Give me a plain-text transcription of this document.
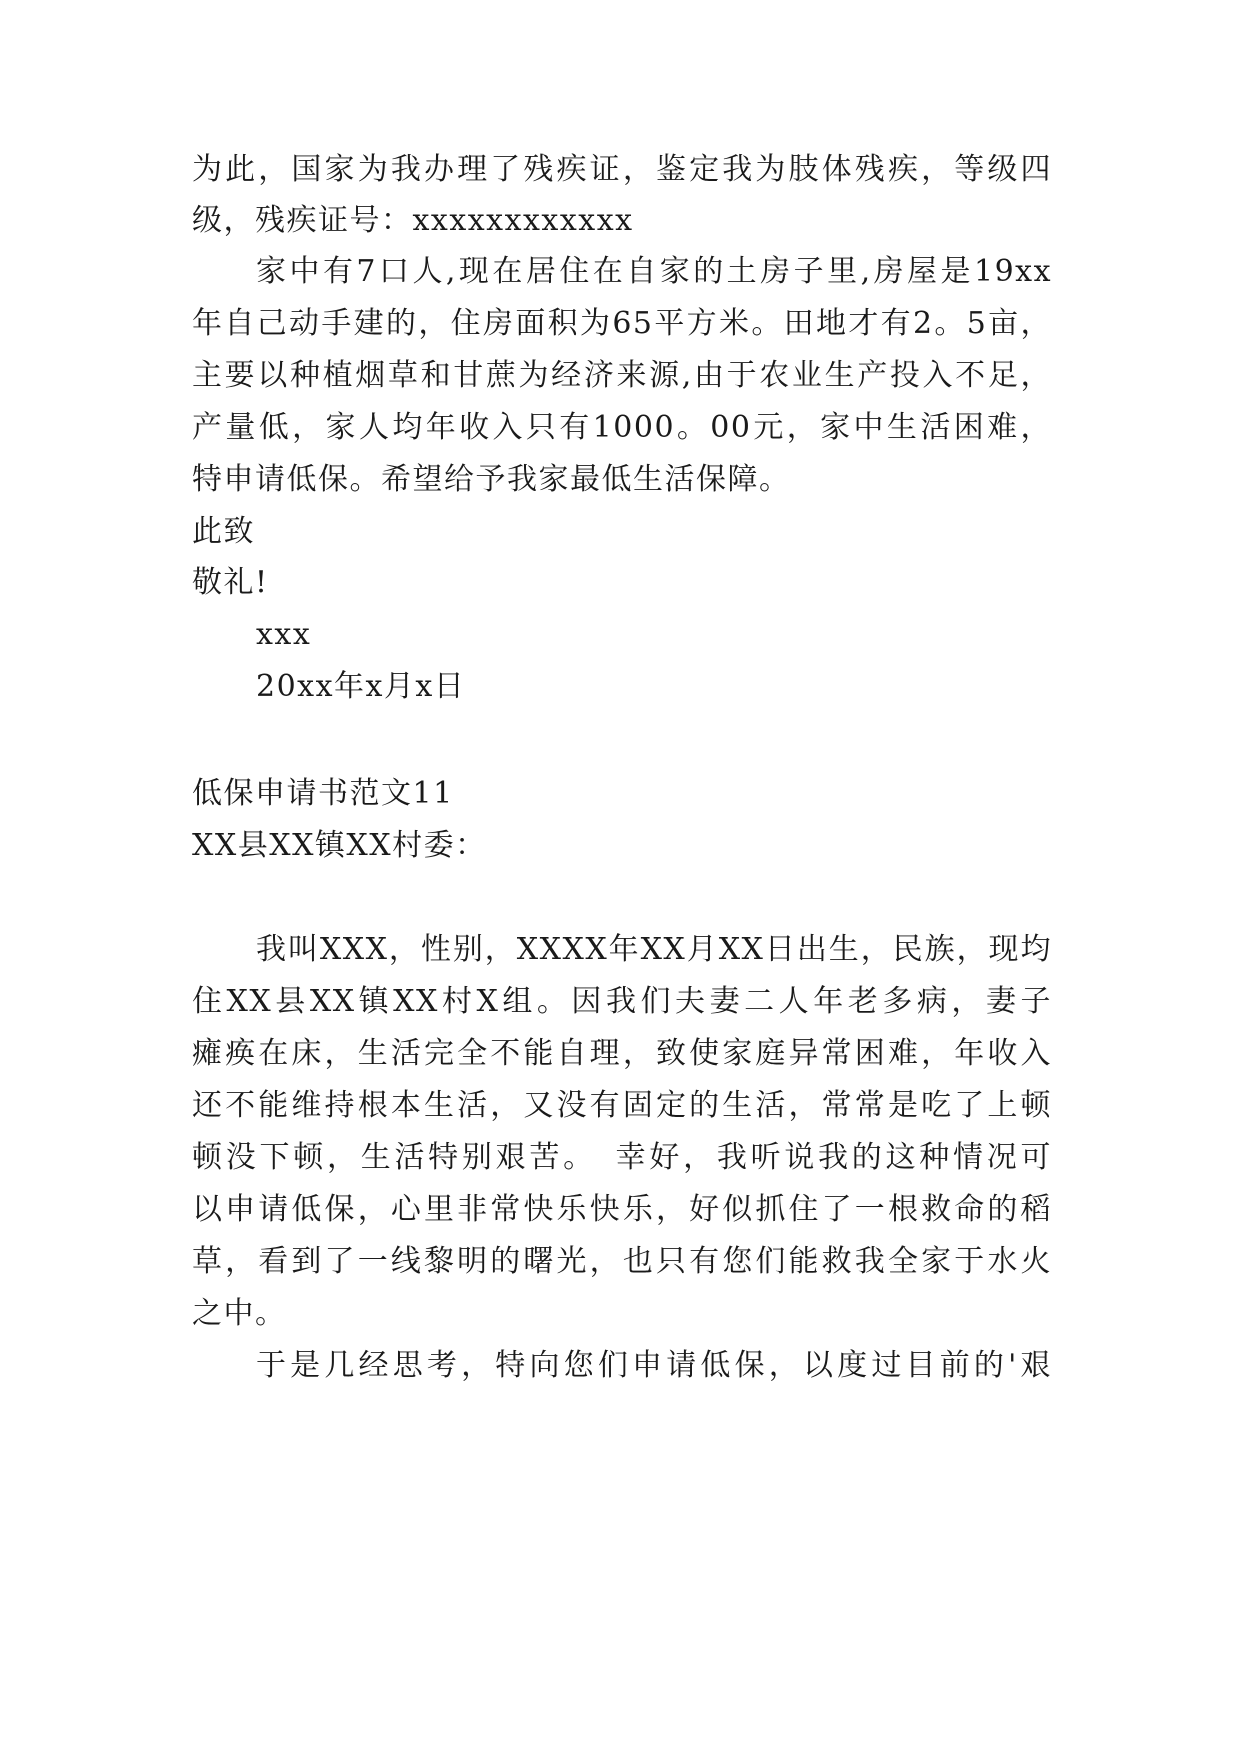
为此，国家为我办理了残疾证，鉴定我为肢体残疾，等级四
级，残疾证号：xxxxxxxxxxxx
家中有7口人,现在居住在自家的土房子里,房屋是19xx
年自己动手建的，住房面积为65平方米。田地才有2。5亩，
主要以种植烟草和甘蔗为经济来源,由于农业生产投入不足，
产量低，家人均年收入只有1000。00元，家中生活困难，
特申请低保。希望给予我家最低生活保障。
此致
敬礼!
xxx
20xx年x月x日
低保申请书范文11
XX县XX镇XX村委：
我叫XXX，性别，XXXX年XX月XX日出生，民族，现均
住XX县XX镇XX村X组。因我们夫妻二人年老多病，妻子
瘫痪在床，生活完全不能自理，致使家庭异常困难，年收入
还不能维持根本生活，又没有固定的生活，常常是吃了上顿
顿没下顿，生活特别艰苦。　幸好，我听说我的这种情况可
以申请低保，心里非常快乐快乐，好似抓住了一根救命的稻
草，看到了一线黎明的曙光，也只有您们能救我全家于水火
之中。
于是几经思考，特向您们申请低保，以度过目前的'艰
